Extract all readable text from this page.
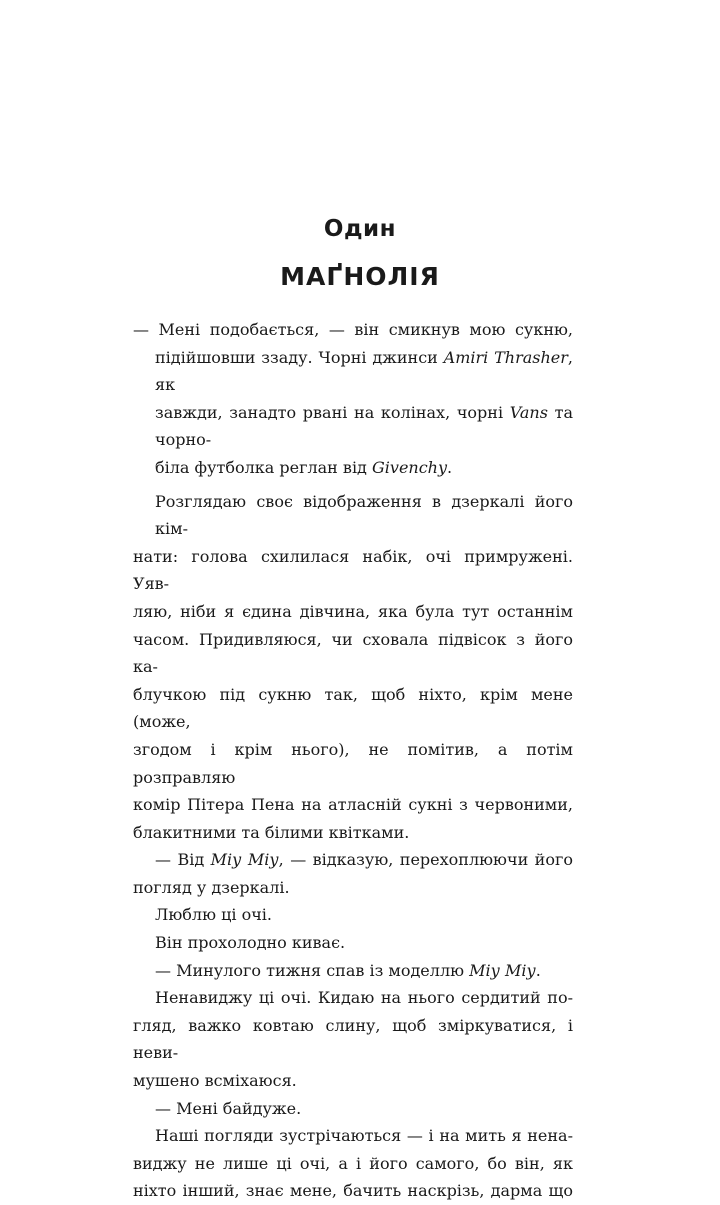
Один
МАҐНОЛІЯ
— Мені подобається, — він смикнув мою сукню,
підійшовши ззаду. Чорні джинси Amiri Thrasher, як
завжди, занадто рвані на колінах, чорні Vans та чорно-
біла футболка реглан від Givenchy.
Розглядаю своє відображення в дзеркалі його кім-
нати: голова схилилася набік, очі примружені. Уяв-
ляю, ніби я єдина дівчина, яка була тут останнім
часом. Придивляюся, чи сховала підвісок з його ка-
блучкою під сукню так, щоб ніхто, крім мене (може,
згодом і крім нього), не помітив, а потім розправляю
комір Пітера Пена на атласній сукні з червоними,
блакитними та білими квітками.
— Від Міу Міу, — відказую, перехоплюючи його
погляд у дзеркалі.
Люблю ці очі.
Він прохолодно киває.
— Минулого тижня спав із моделлю Міу Міу.
Ненавиджу ці очі. Кидаю на нього сердитий по-
гляд, важко ковтаю слину, щоб зміркуватися, і неви-
мушено всміхаюся.
— Мені байдуже.
Наші погляди зустрічаються — і на мить я нена-
виджу не лише ці очі, а і його самого, бо він, як
ніхто інший, знає мене, бачить наскрізь, дарма що
